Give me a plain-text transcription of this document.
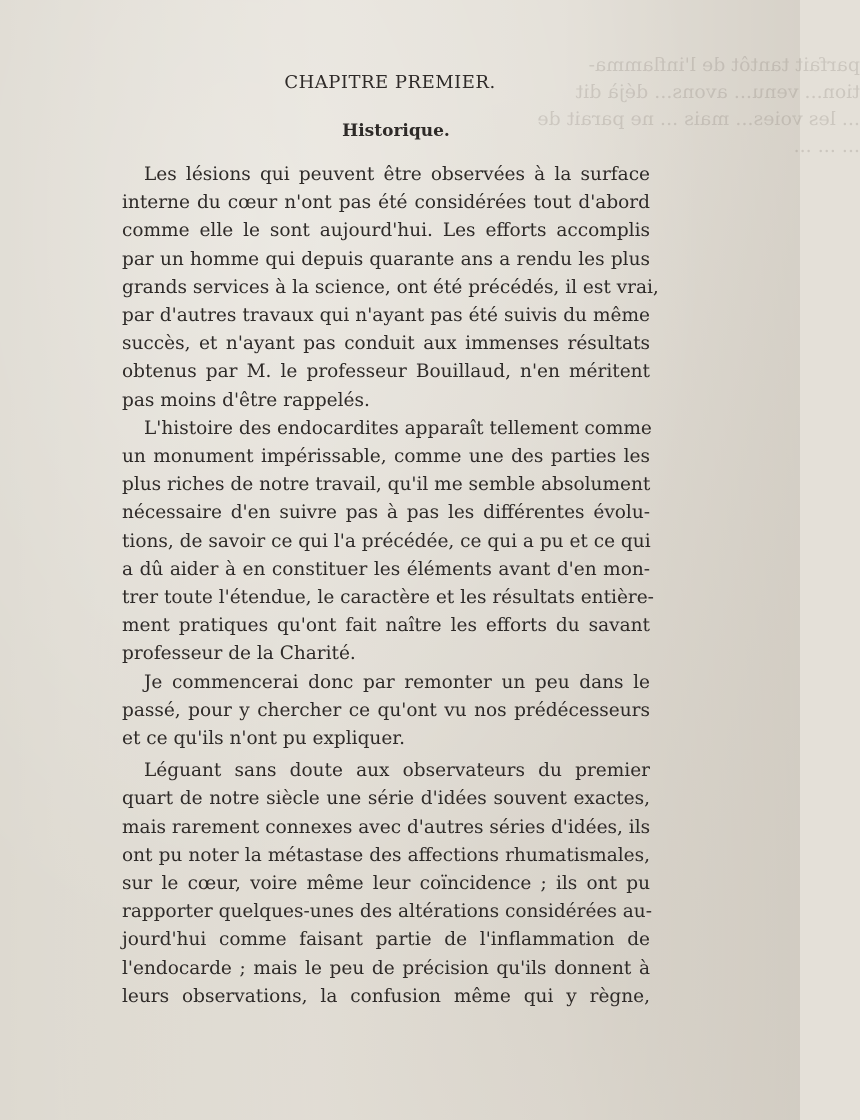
parfait tantôt de l'inflamma-
tion... venu... avons... déjà dit
... les voies... mais ... ne parait de
... ... ...
CHAPITRE PREMIER.
Historique.
Les lésions qui peuvent être observées à la surface
interne du cœur n'ont pas été considérées tout d'abord
comme elle le sont aujourd'hui. Les efforts accomplis
par un homme qui depuis quarante ans a rendu les plus
grands services à la science, ont été précédés, il est vrai,
par d'autres travaux qui n'ayant pas été suivis du même
succès, et n'ayant pas conduit aux immenses résultats
obtenus par M. le professeur Bouillaud, n'en méritent
pas moins d'être rappelés.
L'histoire des endocardites apparaît tellement comme
un monument impérissable, comme une des parties les
plus riches de notre travail, qu'il me semble absolument
nécessaire d'en suivre pas à pas les différentes évolu-
tions, de savoir ce qui l'a précédée, ce qui a pu et ce qui
a dû aider à en constituer les éléments avant d'en mon-
trer toute l'étendue, le caractère et les résultats entière-
ment pratiques qu'ont fait naître les efforts du savant
professeur de la Charité.
Je commencerai donc par remonter un peu dans le
passé, pour y chercher ce qu'ont vu nos prédécesseurs
et ce qu'ils n'ont pu expliquer.
Léguant sans doute aux observateurs du premier
quart de notre siècle une série d'idées souvent exactes,
mais rarement connexes avec d'autres séries d'idées, ils
ont pu noter la métastase des affections rhumatismales,
sur le cœur, voire même leur coïncidence ; ils ont pu
rapporter quelques-unes des altérations considérées au-
jourd'hui comme faisant partie de l'inflammation de
l'endocarde ; mais le peu de précision qu'ils donnent à
leurs observations, la confusion même qui y règne,
